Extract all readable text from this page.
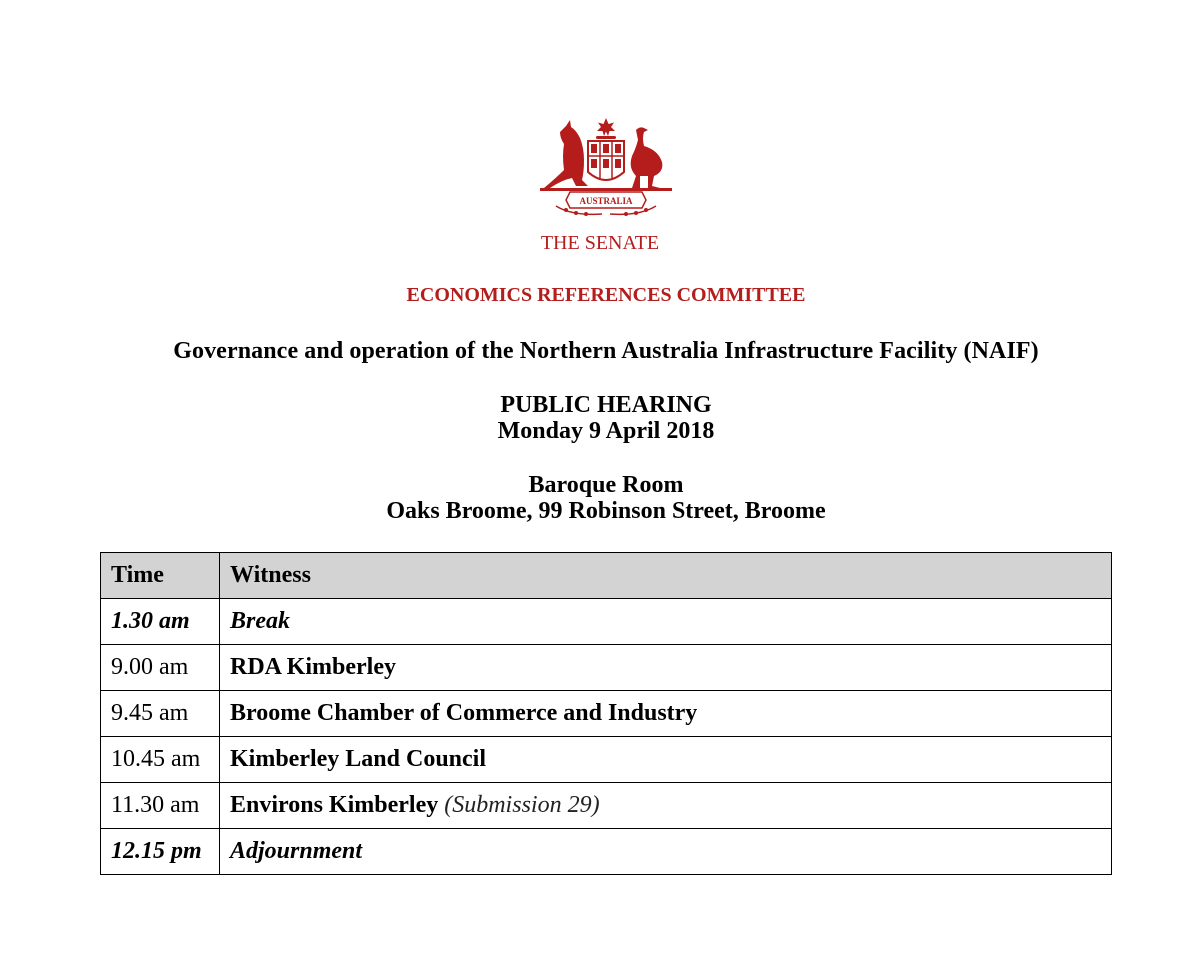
AUSTRALIA
THE SENATE
ECONOMICS REFERENCES COMMITTEE
Governance and operation of the Northern Australia Infrastructure Facility (NAIF)
PUBLIC HEARING
Monday 9 April 2018
Baroque Room
Oaks Broome, 99 Robinson Street, Broome
Time	Witness
1.30 am	Break
9.00 am	RDA Kimberley
9.45 am	Broome Chamber of Commerce and Industry
10.45 am	Kimberley Land Council
11.30 am	Environs Kimberley (Submission 29)
12.15 pm	Adjournment
